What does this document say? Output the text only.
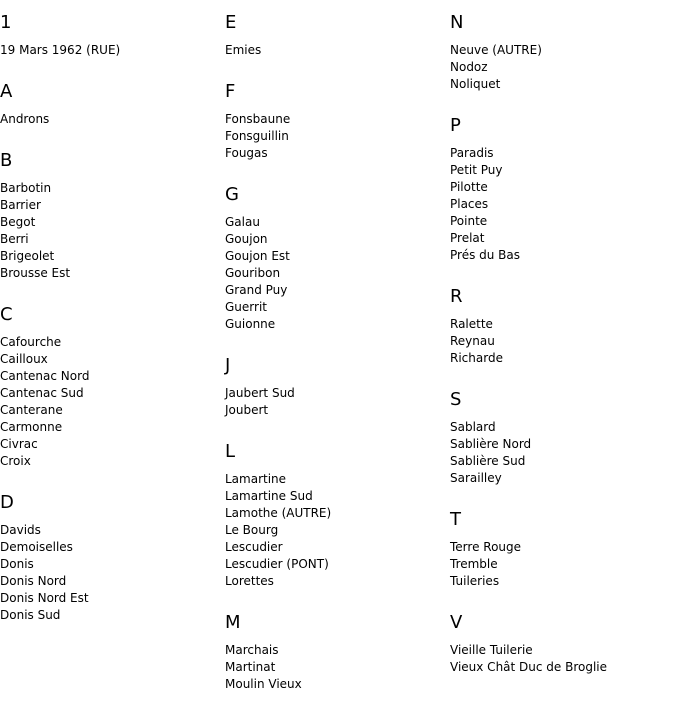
1
19 Mars 1962 (RUE)
A
Androns
B
Barbotin
Barrier
Begot
Berri
Brigeolet
Brousse Est
C
Cafourche
Cailloux
Cantenac Nord
Cantenac Sud
Canterane
Carmonne
Civrac
Croix
D
Davids
Demoiselles
Donis
Donis Nord
Donis Nord Est
Donis Sud
E
Emies
F
Fonsbaune
Fonsguillin
Fougas
G
Galau
Goujon
Goujon Est
Gouribon
Grand Puy
Guerrit
Guionne
J
Jaubert Sud
Joubert
L
Lamartine
Lamartine Sud
Lamothe (AUTRE)
Le Bourg
Lescudier
Lescudier (PONT)
Lorettes
M
Marchais
Martinat
Moulin Vieux
N
Neuve (AUTRE)
Nodoz
Noliquet
P
Paradis
Petit Puy
Pilotte
Places
Pointe
Prelat
Prés du Bas
R
Ralette
Reynau
Richarde
S
Sablard
Sablière Nord
Sablière Sud
Sarailley
T
Terre Rouge
Tremble
Tuileries
V
Vieille Tuilerie
Vieux Chât Duc de Broglie
